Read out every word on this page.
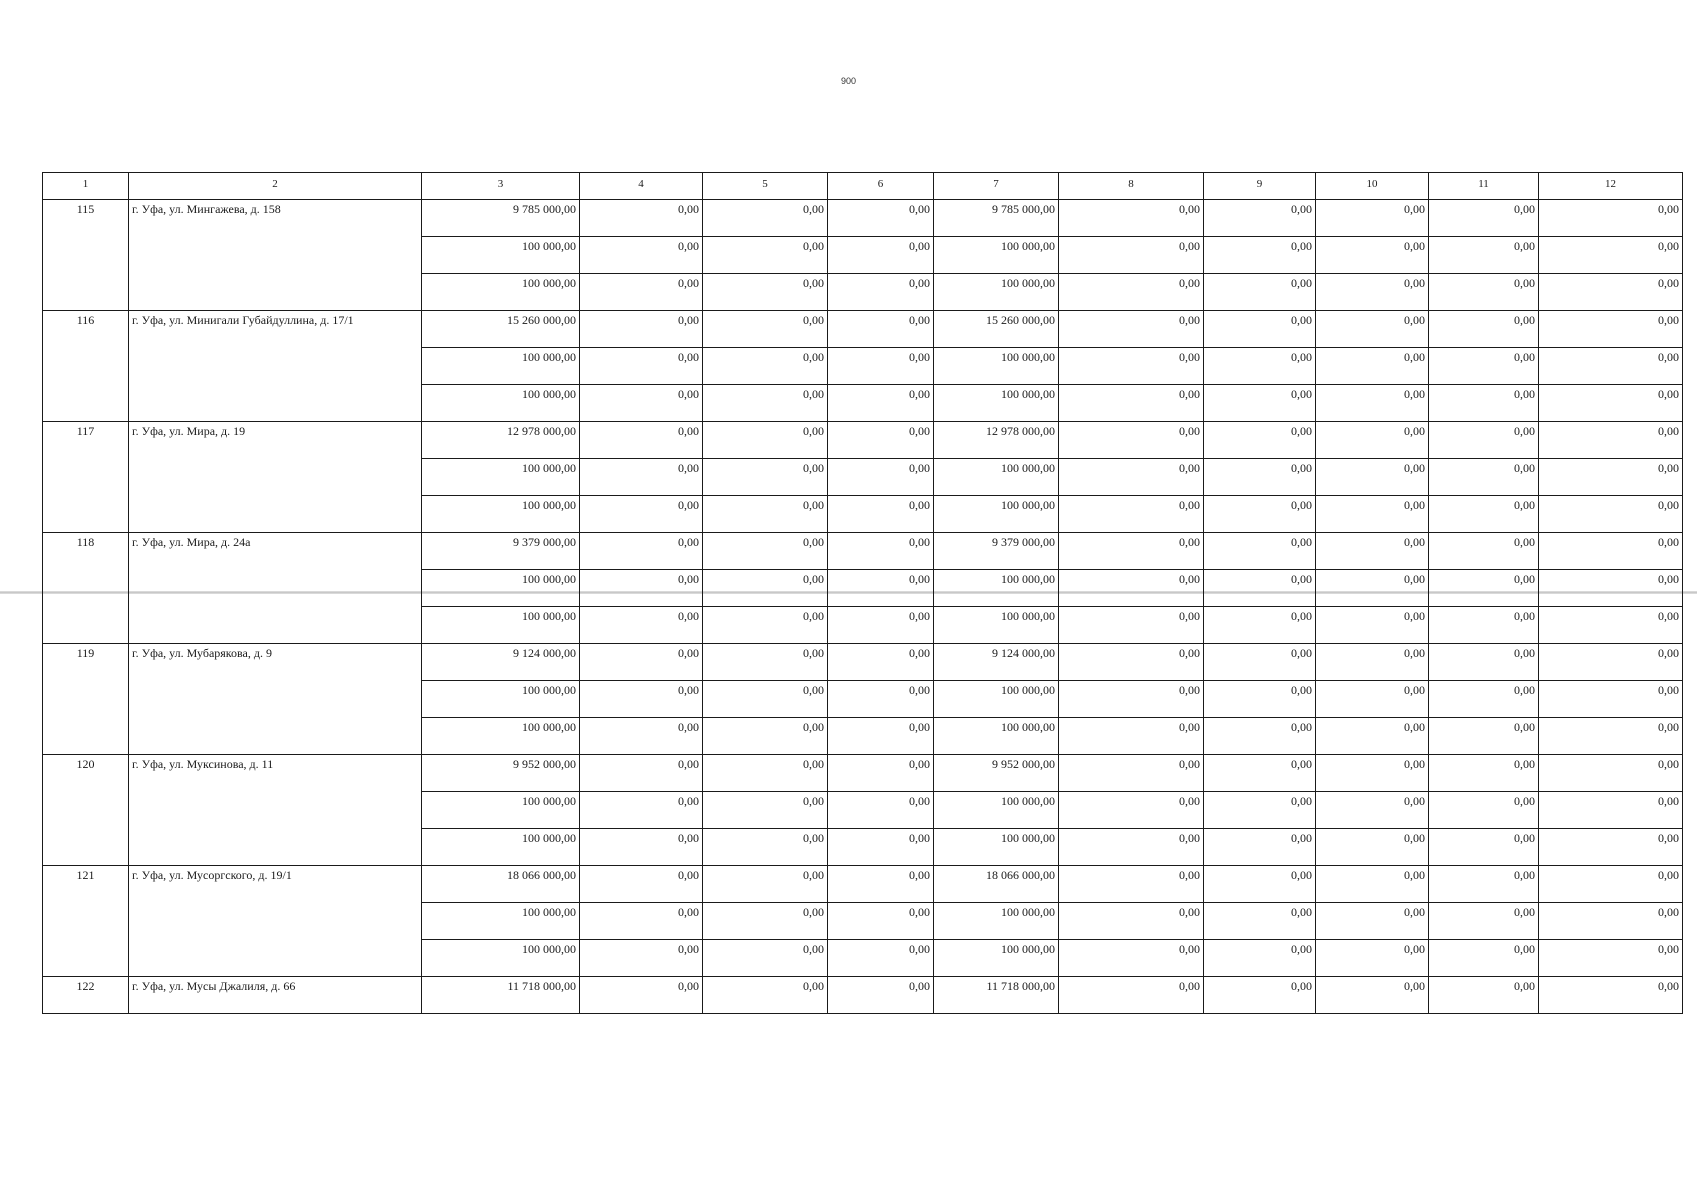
900
1	2	3	4	5	6	7	8	9	10	11	12
115	г. Уфа, ул. Мингажева, д. 158	9 785 000,00	0,00	0,00	0,00	9 785 000,00	0,00	0,00	0,00	0,00	0,00
		100 000,00	0,00	0,00	0,00	100 000,00	0,00	0,00	0,00	0,00	0,00
		100 000,00	0,00	0,00	0,00	100 000,00	0,00	0,00	0,00	0,00	0,00
116	г. Уфа, ул. Минигали Губайдуллина, д. 17/1	15 260 000,00	0,00	0,00	0,00	15 260 000,00	0,00	0,00	0,00	0,00	0,00
		100 000,00	0,00	0,00	0,00	100 000,00	0,00	0,00	0,00	0,00	0,00
		100 000,00	0,00	0,00	0,00	100 000,00	0,00	0,00	0,00	0,00	0,00
117	г. Уфа, ул. Мира, д. 19	12 978 000,00	0,00	0,00	0,00	12 978 000,00	0,00	0,00	0,00	0,00	0,00
		100 000,00	0,00	0,00	0,00	100 000,00	0,00	0,00	0,00	0,00	0,00
		100 000,00	0,00	0,00	0,00	100 000,00	0,00	0,00	0,00	0,00	0,00
118	г. Уфа, ул. Мира, д. 24а	9 379 000,00	0,00	0,00	0,00	9 379 000,00	0,00	0,00	0,00	0,00	0,00
		100 000,00	0,00	0,00	0,00	100 000,00	0,00	0,00	0,00	0,00	0,00
		100 000,00	0,00	0,00	0,00	100 000,00	0,00	0,00	0,00	0,00	0,00
119	г. Уфа, ул. Мубарякова, д. 9	9 124 000,00	0,00	0,00	0,00	9 124 000,00	0,00	0,00	0,00	0,00	0,00
		100 000,00	0,00	0,00	0,00	100 000,00	0,00	0,00	0,00	0,00	0,00
		100 000,00	0,00	0,00	0,00	100 000,00	0,00	0,00	0,00	0,00	0,00
120	г. Уфа, ул. Муксинова, д. 11	9 952 000,00	0,00	0,00	0,00	9 952 000,00	0,00	0,00	0,00	0,00	0,00
		100 000,00	0,00	0,00	0,00	100 000,00	0,00	0,00	0,00	0,00	0,00
		100 000,00	0,00	0,00	0,00	100 000,00	0,00	0,00	0,00	0,00	0,00
121	г. Уфа, ул. Мусоргского, д. 19/1	18 066 000,00	0,00	0,00	0,00	18 066 000,00	0,00	0,00	0,00	0,00	0,00
		100 000,00	0,00	0,00	0,00	100 000,00	0,00	0,00	0,00	0,00	0,00
		100 000,00	0,00	0,00	0,00	100 000,00	0,00	0,00	0,00	0,00	0,00
122	г. Уфа, ул. Мусы Джалиля, д. 66	11 718 000,00	0,00	0,00	0,00	11 718 000,00	0,00	0,00	0,00	0,00	0,00
